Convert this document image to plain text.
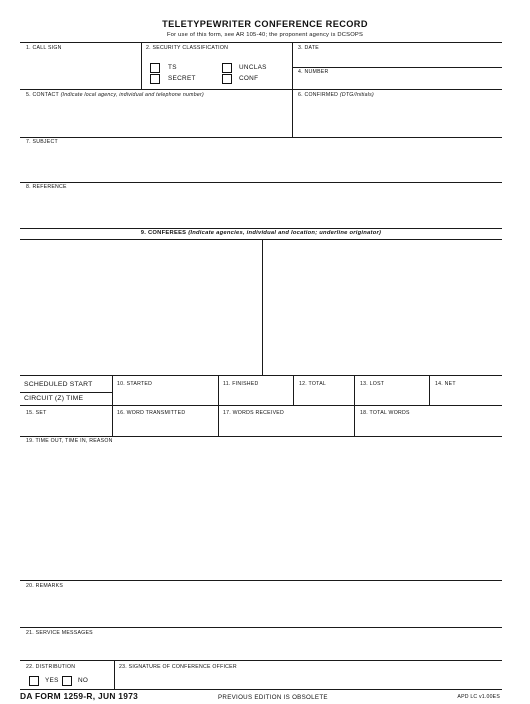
TELETYPEWRITER CONFERENCE RECORD
For use of this form, see AR 105-40; the proponent agency is DCSOPS
1. CALL SIGN	2. SECURITY CLASSIFICATION
TS	UNCLAS
SECRET	CONF
3. DATE
4. NUMBER
5. CONTACT (Indicate local agency, individual and telephone number)	6. CONFIRMED (DTG/Initials)
7. SUBJECT
8. REFERENCE
9. CONFEREES (Indicate agencies, individual and location; underline originator)
SCHEDULED START
CIRCUIT (Z) TIME
10. STARTED	11. FINISHED	12. TOTAL	13. LOST	14. NET
15. SET	16. WORD TRANSMITTED	17. WORDS RECEIVED	18. TOTAL WORDS
19. TIME OUT, TIME IN, REASON
20. REMARKS
21. SERVICE MESSAGES
22. DISTRIBUTION
YES	NO
23. SIGNATURE OF CONFERENCE OFFICER
DA FORM 1259-R, JUN 1973	PREVIOUS EDITION IS OBSOLETE	APD LC v1.00ES
